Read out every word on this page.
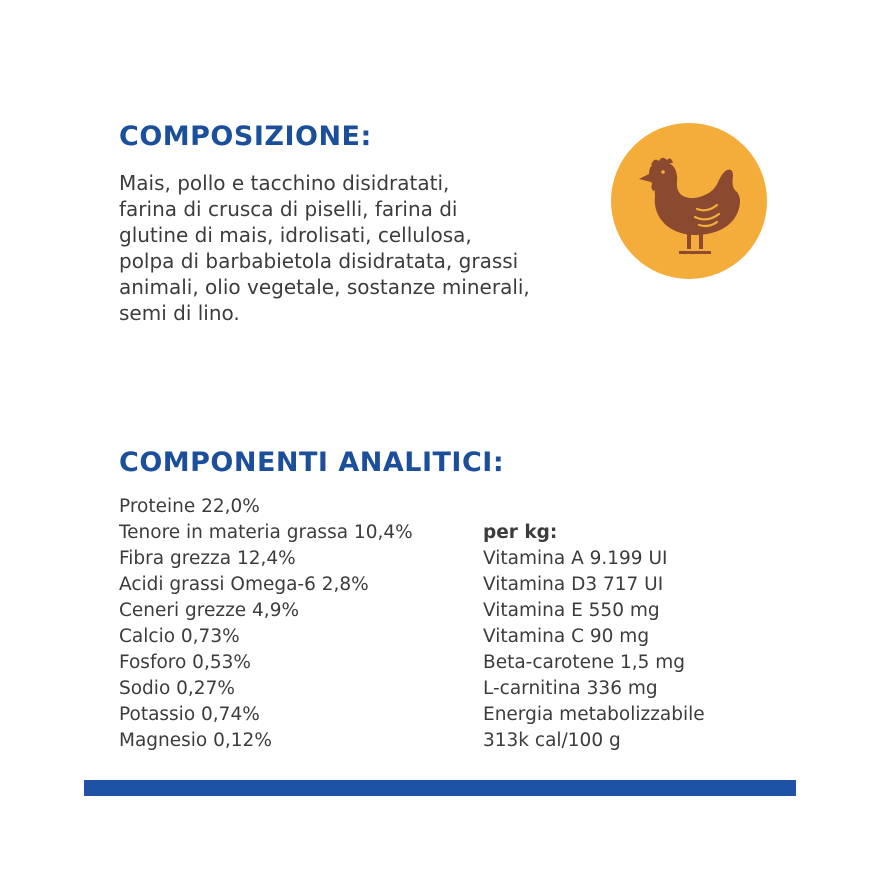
COMPOSIZIONE:
Mais, pollo e tacchino disidratati,
farina di crusca di piselli, farina di
glutine di mais, idrolisati, cellulosa,
polpa di barbabietola disidratata, grassi
animali, olio vegetale, sostanze minerali,
semi di lino.
COMPONENTI ANALITICI:
Proteine 22,0%
Tenore in materia grassa 10,4%
Fibra grezza 12,4%
Acidi grassi Omega-6 2,8%
Ceneri grezze 4,9%
Calcio 0,73%
Fosforo 0,53%
Sodio 0,27%
Potassio 0,74%
Magnesio 0,12%
per kg:
Vitamina A 9.199 UI
Vitamina D3 717 UI
Vitamina E 550 mg
Vitamina C 90 mg
Beta-carotene 1,5 mg
L-carnitina 336 mg
Energia metabolizzabile
313k cal/100 g
